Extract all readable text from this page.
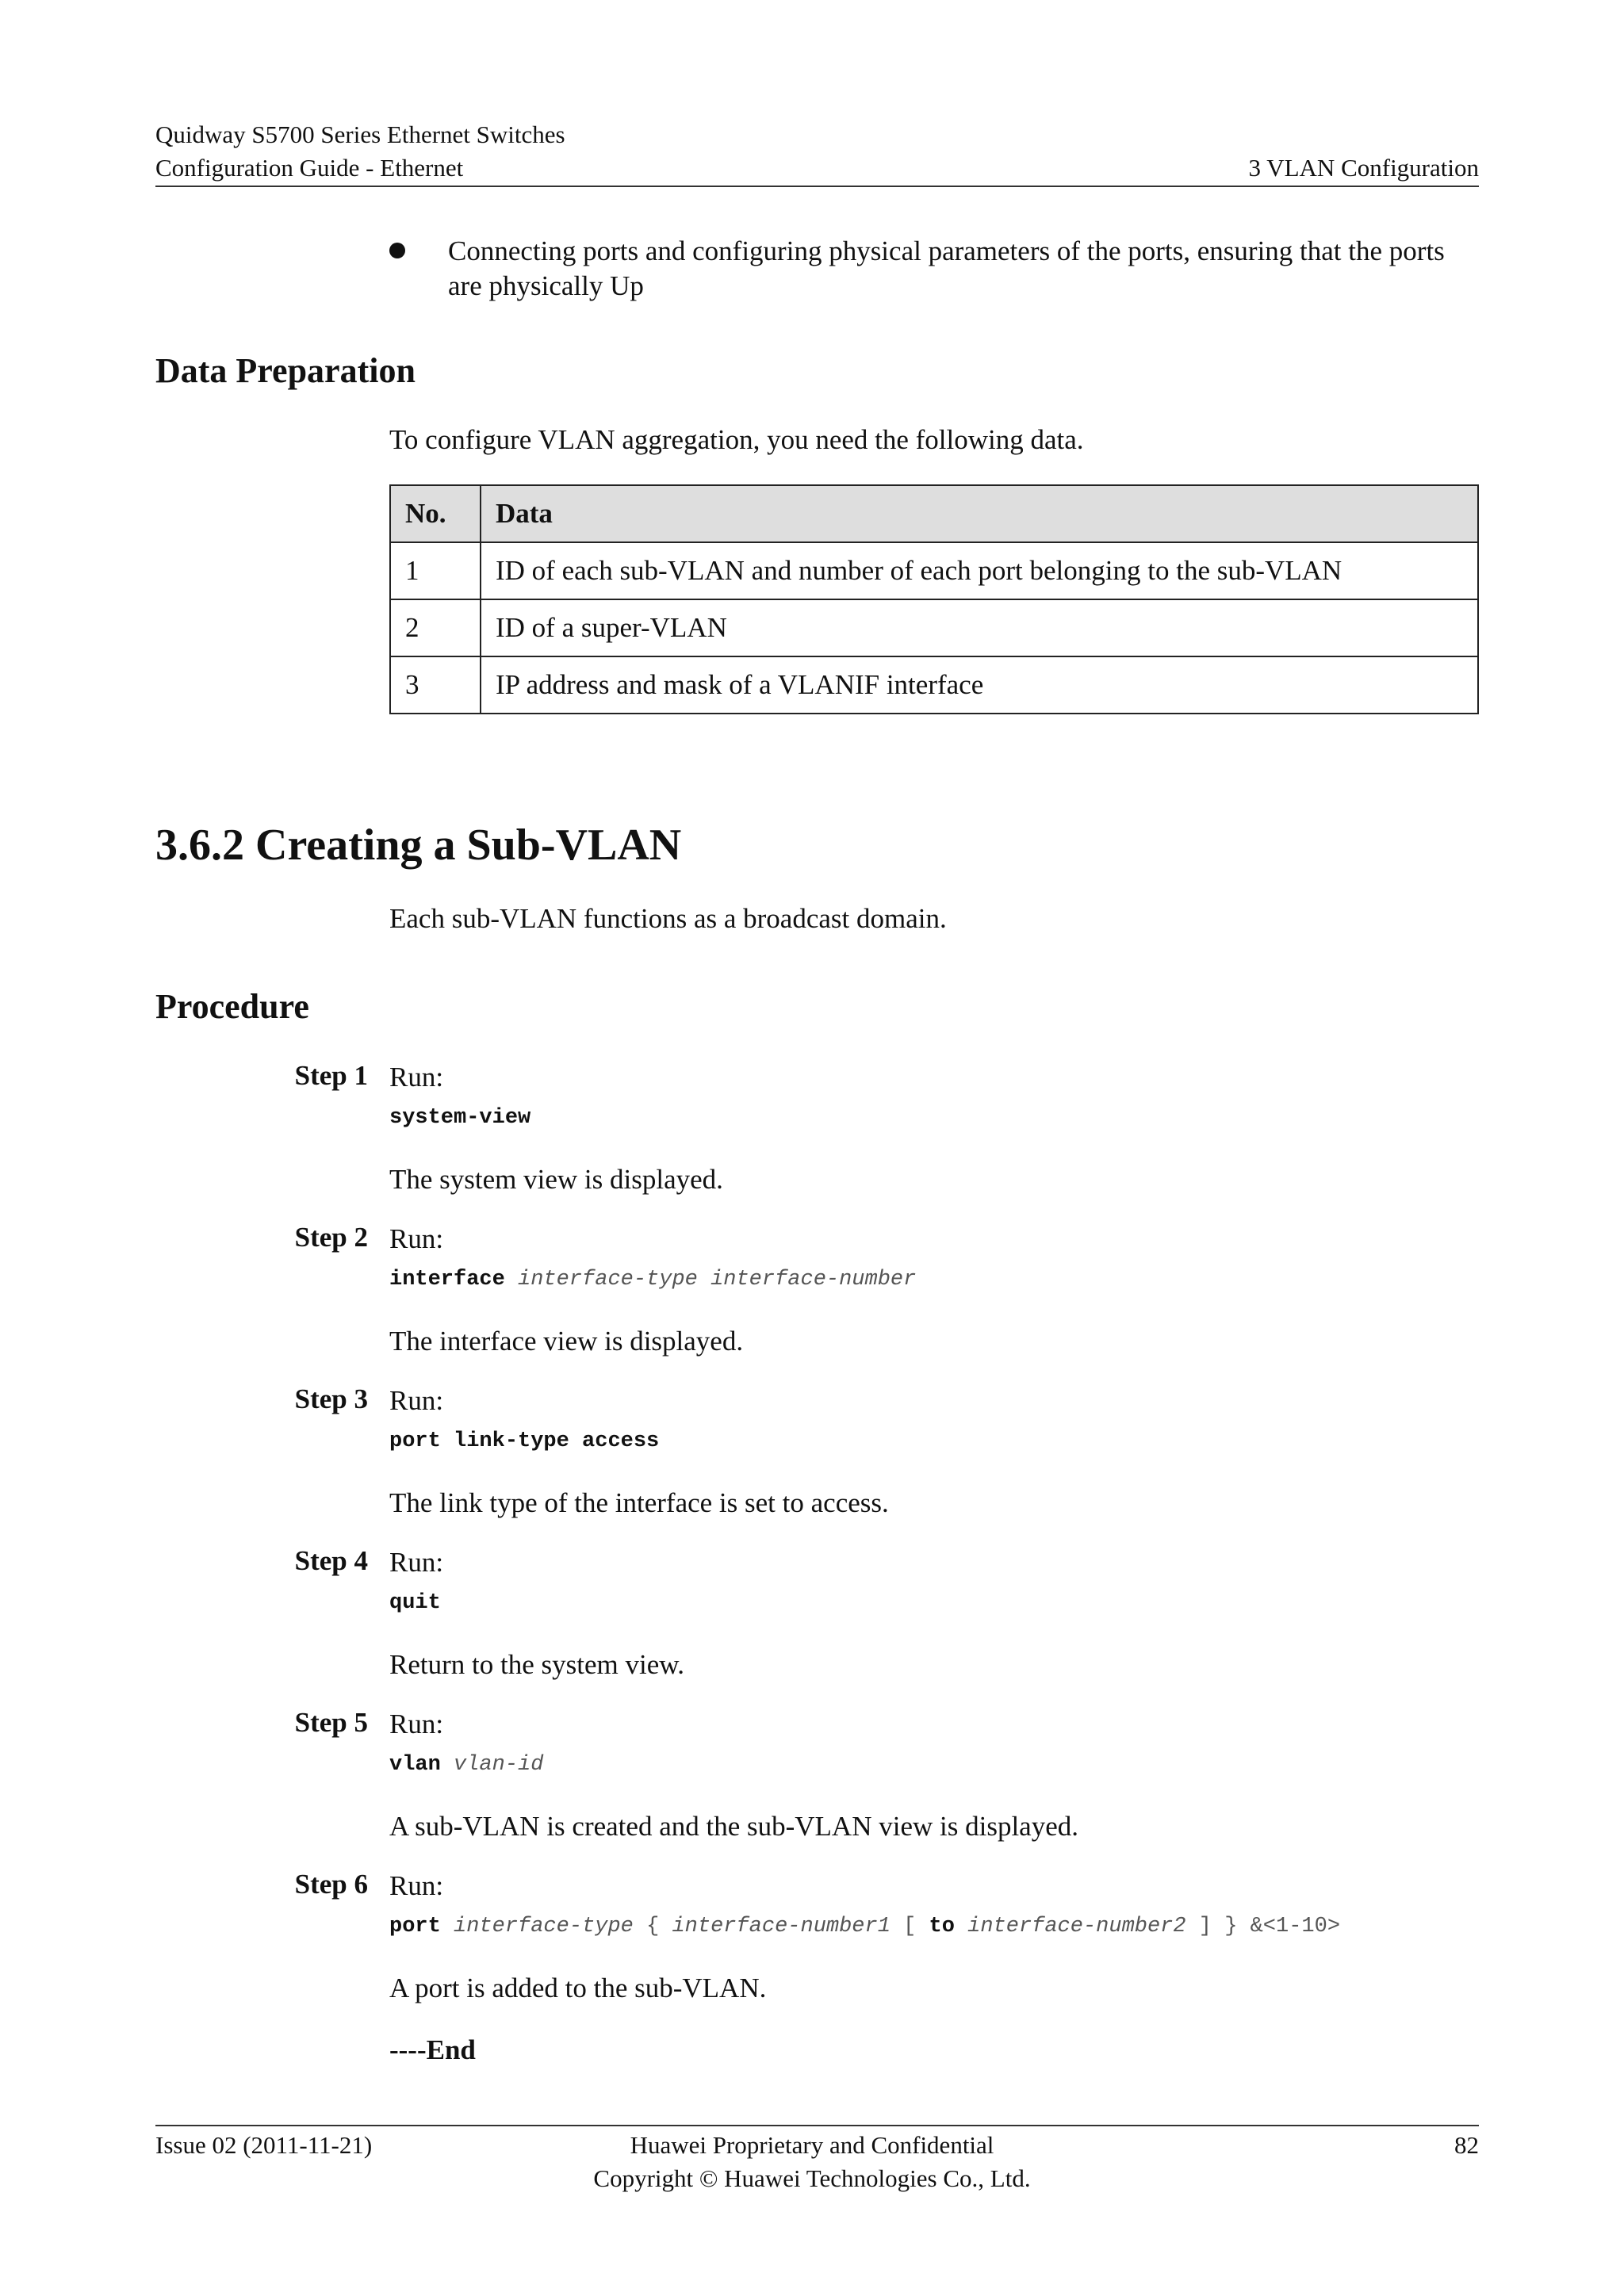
Quidway S5700 Series Ethernet Switches
Configuration Guide - Ethernet	3 VLAN Configuration
Connecting ports and configuring physical parameters of the ports, ensuring that the ports
are physically Up
Data Preparation
To configure VLAN aggregation, you need the following data.
No.	Data
1	ID of each sub-VLAN and number of each port belonging to the sub-VLAN
2	ID of a super-VLAN
3	IP address and mask of a VLANIF interface
3.6.2 Creating a Sub-VLAN
Each sub-VLAN functions as a broadcast domain.
Procedure
Step 1 Run:
system-view
The system view is displayed.
Step 2 Run:
interface interface-type interface-number
The interface view is displayed.
Step 3 Run:
port link-type access
The link type of the interface is set to access.
Step 4 Run:
quit
Return to the system view.
Step 5 Run:
vlan vlan-id
A sub-VLAN is created and the sub-VLAN view is displayed.
Step 6 Run:
port interface-type { interface-number1 [ to interface-number2 ] } &<1-10>
A port is added to the sub-VLAN.
----End
Issue 02 (2011-11-21)	Huawei Proprietary and Confidential
Copyright © Huawei Technologies Co., Ltd.
82
